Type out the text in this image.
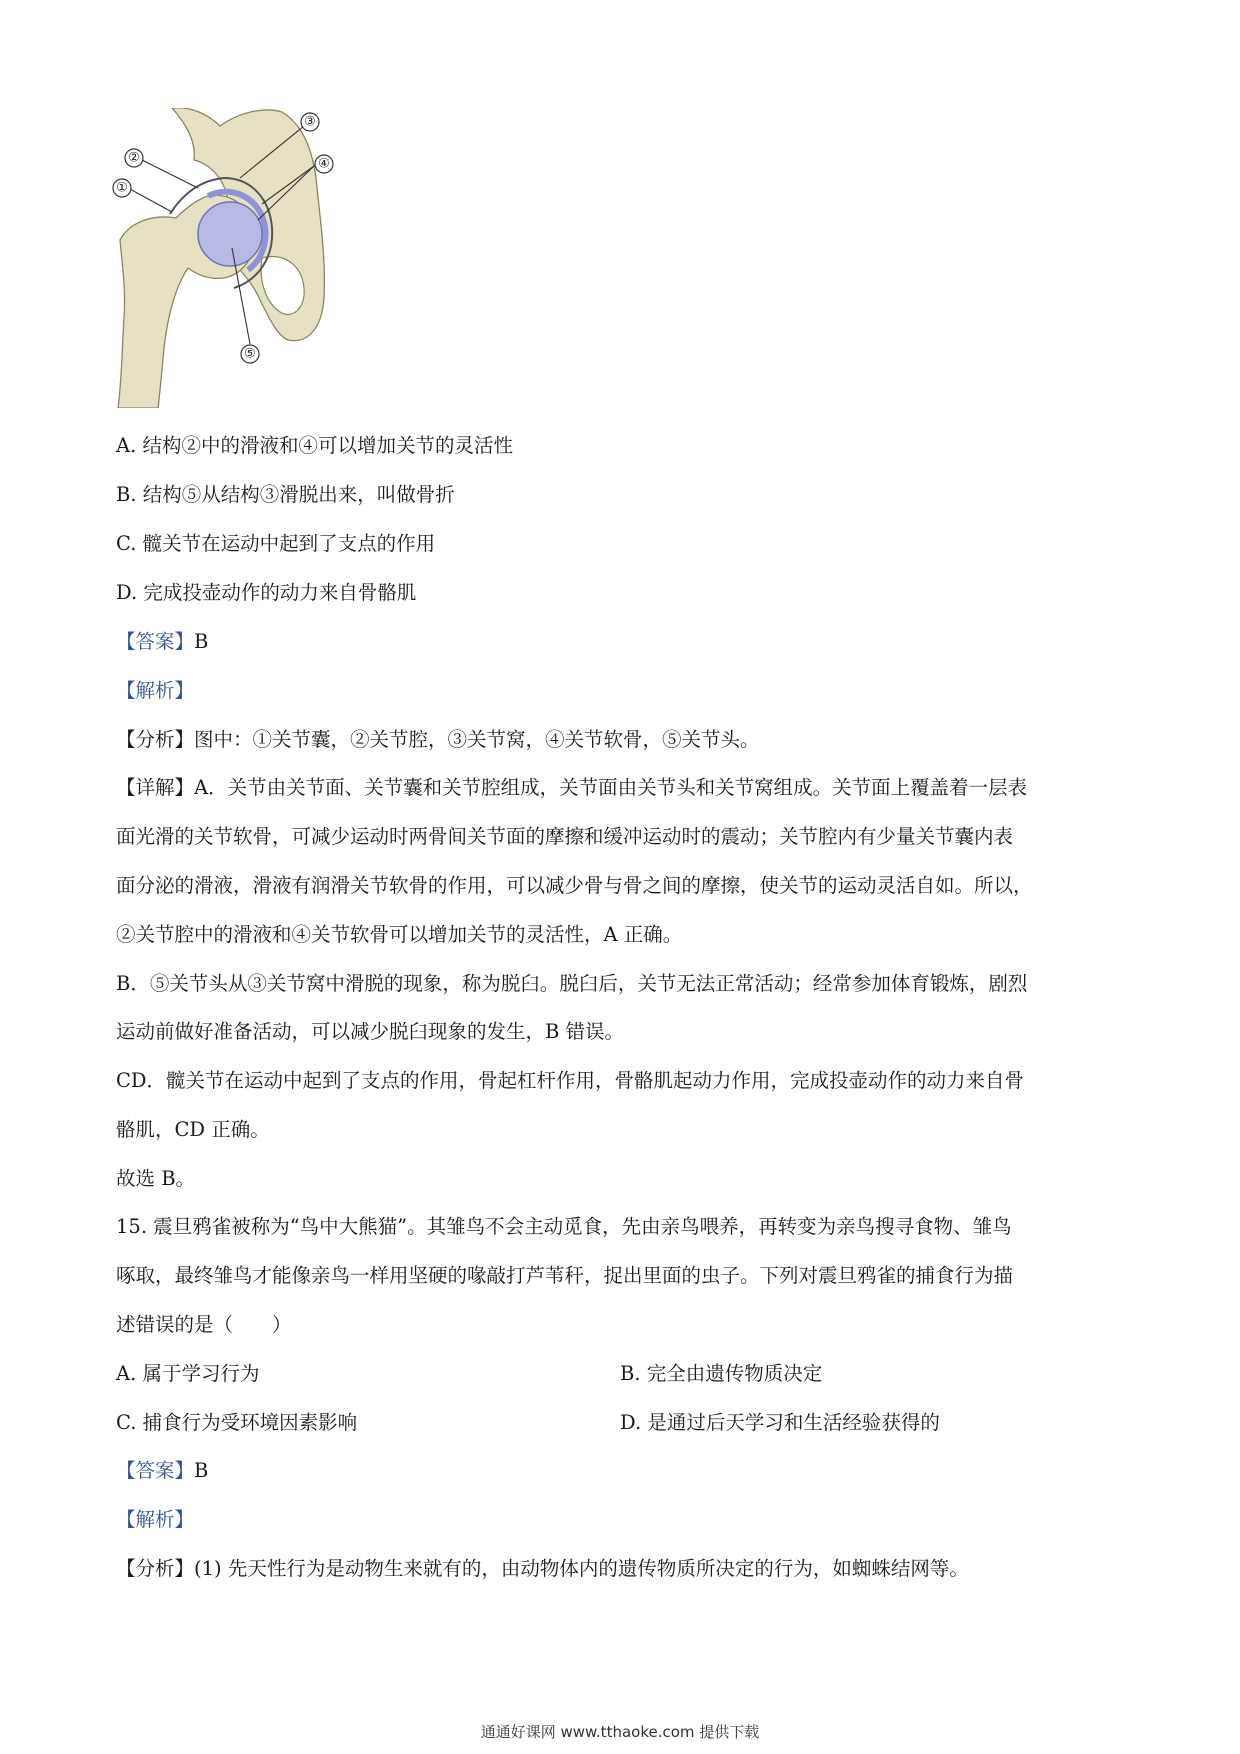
①
②
③
④
⑤
A. 结构②中的滑液和④可以增加关节的灵活性
B. 结构⑤从结构③滑脱出来，叫做骨折
C. 髋关节在运动中起到了支点的作用
D. 完成投壶动作的动力来自骨骼肌
【答案】B
【解析】
【分析】图中：①关节囊，②关节腔，③关节窝，④关节软骨，⑤关节头。
【详解】A．关节由关节面、关节囊和关节腔组成，关节面由关节头和关节窝组成。关节面上覆盖着一层表
面光滑的关节软骨，可减少运动时两骨间关节面的摩擦和缓冲运动时的震动；关节腔内有少量关节囊内表
面分泌的滑液，滑液有润滑关节软骨的作用，可以减少骨与骨之间的摩擦，使关节的运动灵活自如。所以，
②关节腔中的滑液和④关节软骨可以增加关节的灵活性，A 正确。
B．⑤关节头从③关节窝中滑脱的现象，称为脱臼。脱臼后，关节无法正常活动；经常参加体育锻炼，剧烈
运动前做好准备活动，可以减少脱臼现象的发生，B 错误。
CD．髋关节在运动中起到了支点的作用，骨起杠杆作用，骨骼肌起动力作用，完成投壶动作的动力来自骨
骼肌，CD 正确。
故选 B。
15. 震旦鸦雀被称为“鸟中大熊猫”。其雏鸟不会主动觅食，先由亲鸟喂养，再转变为亲鸟搜寻食物、雏鸟
啄取，最终雏鸟才能像亲鸟一样用坚硬的喙敲打芦苇秆，捉出里面的虫子。下列对震旦鸦雀的捕食行为描
述错误的是（　　）
A. 属于学习行为	B. 完全由遗传物质决定
C. 捕食行为受环境因素影响	D. 是通过后天学习和生活经验获得的
【答案】B
【解析】
【分析】(1) 先天性行为是动物生来就有的，由动物体内的遗传物质所决定的行为，如蜘蛛结网等。
通通好课网 www.tthaoke.com 提供下载
